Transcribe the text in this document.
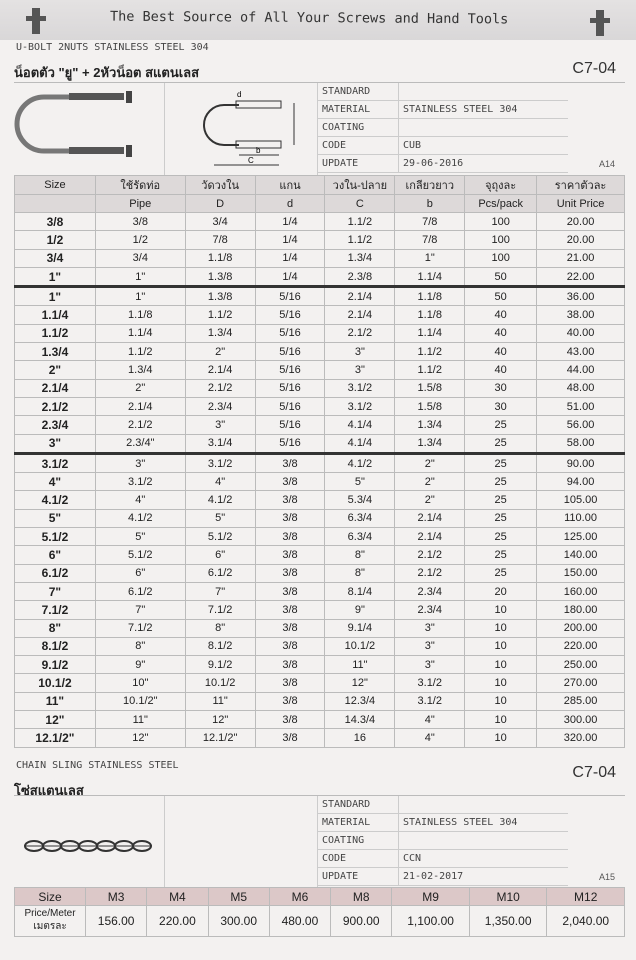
The Best Source of All Your Screws and Hand Tools
U-BOLT 2NUTS STAINLESS STEEL 304
น็อตตัว "ยู" + 2หัวน็อต สแตนเลส	C7-04
d
b
C
STANDARD
MATERIAL	STAINLESS STEEL 304
COATING
CODE	CUB
UPDATE	29-06-2016	A14
Size	ใช้รัดท่อ	วัดวงใน	แกน	วงใน-ปลาย	เกลียวยาว	จุถุงละ	ราคาตัวละ
	Pipe	D	d	C	b	Pcs/pack	Unit Price
3/8	3/8	3/4	1/4	1.1/2	7/8	100	20.00
1/2	1/2	7/8	1/4	1.1/2	7/8	100	20.00
3/4	3/4	1.1/8	1/4	1.3/4	1"	100	21.00
1"	1"	1.3/8	1/4	2.3/8	1.1/4	50	22.00
1"	1"	1.3/8	5/16	2.1/4	1.1/8	50	36.00
1.1/4	1.1/8	1.1/2	5/16	2.1/4	1.1/8	40	38.00
1.1/2	1.1/4	1.3/4	5/16	2.1/2	1.1/4	40	40.00
1.3/4	1.1/2	2"	5/16	3"	1.1/2	40	43.00
2"	1.3/4	2.1/4	5/16	3"	1.1/2	40	44.00
2.1/4	2"	2.1/2	5/16	3.1/2	1.5/8	30	48.00
2.1/2	2.1/4	2.3/4	5/16	3.1/2	1.5/8	30	51.00
2.3/4	2.1/2	3"	5/16	4.1/4	1.3/4	25	56.00
3"	2.3/4"	3.1/4	5/16	4.1/4	1.3/4	25	58.00
3.1/2	3"	3.1/2	3/8	4.1/2	2"	25	90.00
4"	3.1/2	4"	3/8	5"	2"	25	94.00
4.1/2	4"	4.1/2	3/8	5.3/4	2"	25	105.00
5"	4.1/2	5"	3/8	6.3/4	2.1/4	25	110.00
5.1/2	5"	5.1/2	3/8	6.3/4	2.1/4	25	125.00
6"	5.1/2	6"	3/8	8"	2.1/2	25	140.00
6.1/2	6"	6.1/2	3/8	8"	2.1/2	25	150.00
7"	6.1/2	7"	3/8	8.1/4	2.3/4	20	160.00
7.1/2	7"	7.1/2	3/8	9"	2.3/4	10	180.00
8"	7.1/2	8"	3/8	9.1/4	3"	10	200.00
8.1/2	8"	8.1/2	3/8	10.1/2	3"	10	220.00
9.1/2	9"	9.1/2	3/8	11"	3"	10	250.00
10.1/2	10"	10.1/2	3/8	12"	3.1/2	10	270.00
11"	10.1/2"	11"	3/8	12.3/4	3.1/2	10	285.00
12"	11"	12"	3/8	14.3/4	4"	10	300.00
12.1/2"	12"	12.1/2"	3/8	16	4"	10	320.00
CHAIN SLING STAINLESS STEEL
โซ่สแตนเลส
C7-04
STANDARD
MATERIAL	STAINLESS STEEL 304
COATING
CODE	CCN
UPDATE	21-02-2017	A15
Size	M3	M4	M5	M6	M8	M9	M10	M12
Price/Meter
เมตรละ	156.00	220.00	300.00	480.00	900.00	1,100.00	1,350.00	2,040.00
